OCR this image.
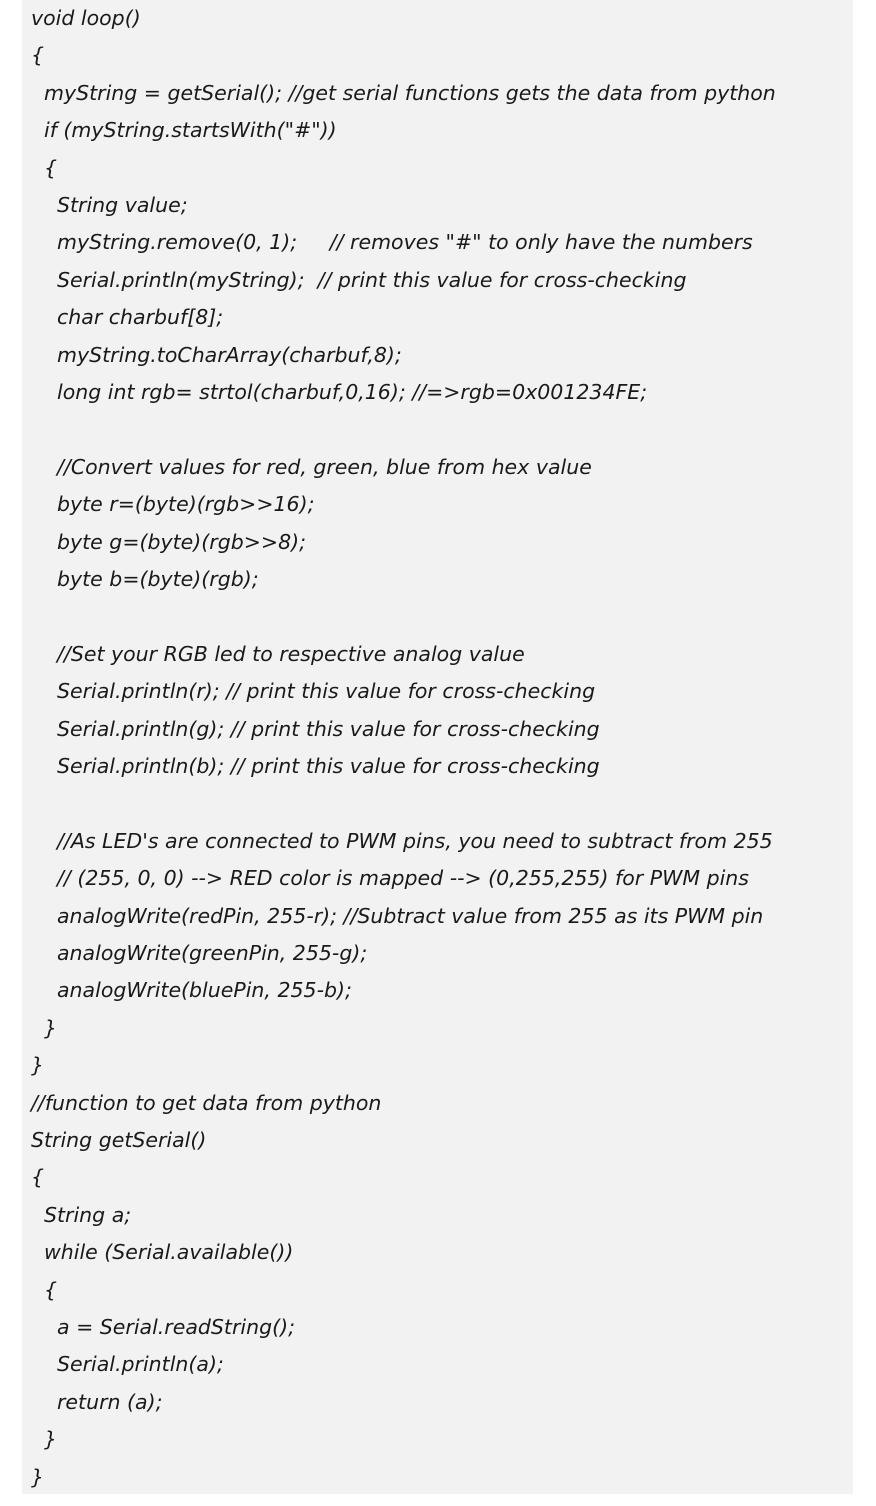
void loop()
{
myString = getSerial(); //get serial functions gets the data from python
if (myString.startsWith("#"))
{
String value;
myString.remove(0, 1);     // removes "#" to only have the numbers
Serial.println(myString);  // print this value for cross-checking
char charbuf[8];
myString.toCharArray(charbuf,8);
long int rgb= strtol(charbuf,0,16); //=>rgb=0x001234FE;
//Convert values for red, green, blue from hex value
byte r=(byte)(rgb>>16);
byte g=(byte)(rgb>>8);
byte b=(byte)(rgb);
//Set your RGB led to respective analog value
Serial.println(r); // print this value for cross-checking
Serial.println(g); // print this value for cross-checking
Serial.println(b); // print this value for cross-checking
//As LED's are connected to PWM pins, you need to subtract from 255
// (255, 0, 0) --> RED color is mapped --> (0,255,255) for PWM pins
analogWrite(redPin, 255-r); //Subtract value from 255 as its PWM pin
analogWrite(greenPin, 255-g);
analogWrite(bluePin, 255-b);
}
}
//function to get data from python
String getSerial()
{
String a;
while (Serial.available())
{
a = Serial.readString();
Serial.println(a);
return (a);
}
}
